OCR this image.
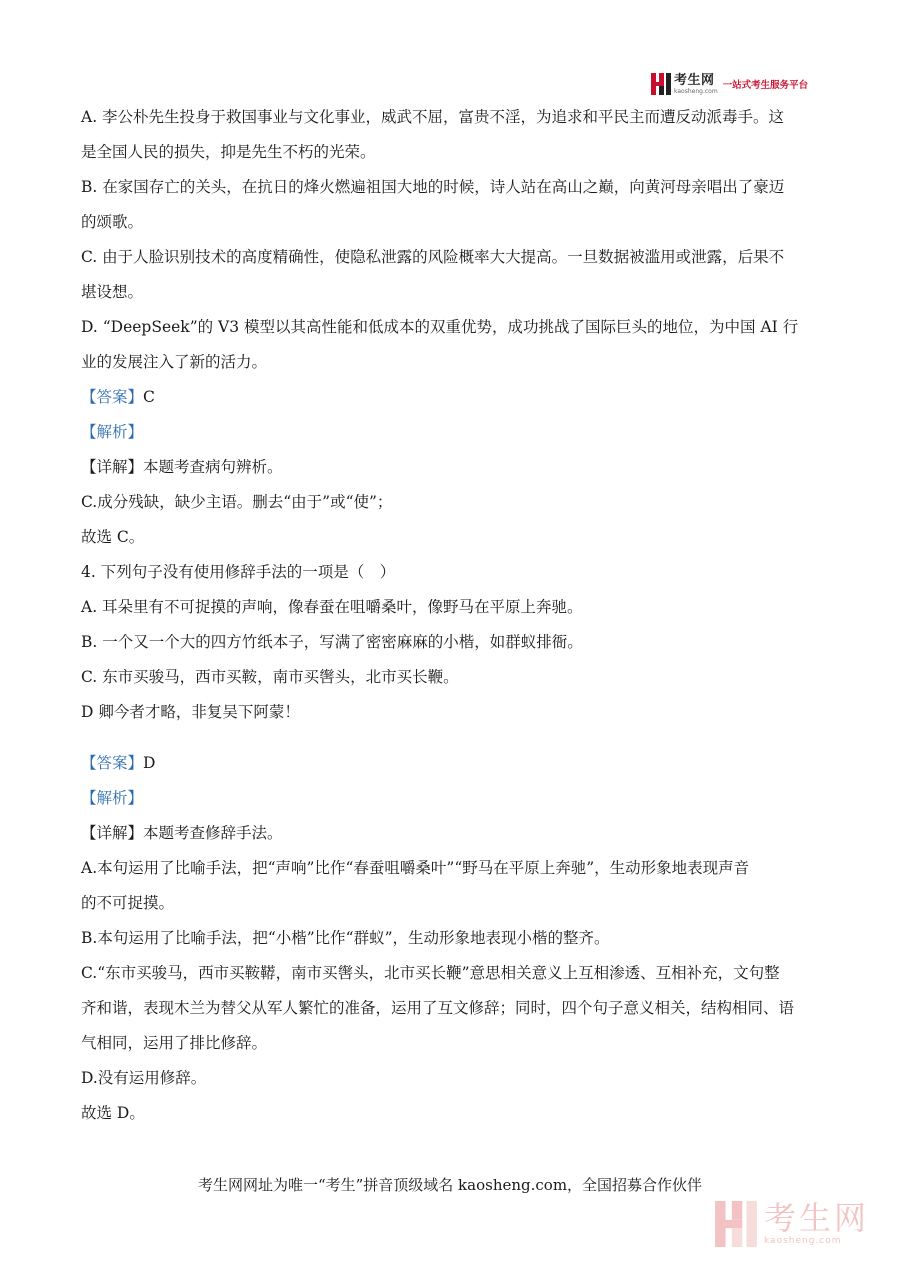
考生网
kaosheng.com 一站式考生服务平台
A. 李公朴先生投身于救国事业与文化事业，威武不屈，富贵不淫，为追求和平民主而遭反动派毒手。这
是全国人民的损失，抑是先生不朽的光荣。
B. 在家国存亡的关头，在抗日的烽火燃遍祖国大地的时候，诗人站在高山之巅，向黄河母亲唱出了豪迈
的颂歌。
C. 由于人脸识别技术的高度精确性，使隐私泄露的风险概率大大提高。一旦数据被滥用或泄露，后果不
堪设想。
D. “DeepSeek”的 V3 模型以其高性能和低成本的双重优势，成功挑战了国际巨头的地位，为中国 AI 行
业的发展注入了新的活力。
【答案】C
【解析】
【详解】本题考查病句辨析。
C.成分残缺，缺少主语。删去“由于”或“使”；
故选 C。
4. 下列句子没有使用修辞手法的一项是（　）
A. 耳朵里有不可捉摸的声响，像春蚕在咀嚼桑叶，像野马在平原上奔驰。
B. 一个又一个大的四方竹纸本子，写满了密密麻麻的小楷，如群蚁排衙。
C. 东市买骏马，西市买鞍，南市买辔头，北市买长鞭。
D 卿今者才略，非复吴下阿蒙！
【答案】D
【解析】
【详解】本题考查修辞手法。
A.本句运用了比喻手法，把“声响”比作“春蚕咀嚼桑叶”“野马在平原上奔驰”，生动形象地表现声音
的不可捉摸。
B.本句运用了比喻手法，把“小楷”比作“群蚁”，生动形象地表现小楷的整齐。
C.“东市买骏马，西市买鞍鞯，南市买辔头，北市买长鞭”意思相关意义上互相渗透、互相补充，文句整
齐和谐，表现木兰为替父从军人繁忙的准备，运用了互文修辞；同时，四个句子意义相关，结构相同、语
气相同，运用了排比修辞。
D.没有运用修辞。
故选 D。
考生网网址为唯一“考生”拼音顶级域名 kaosheng.com，全国招募合作伙伴
考生网
kaosheng.com
